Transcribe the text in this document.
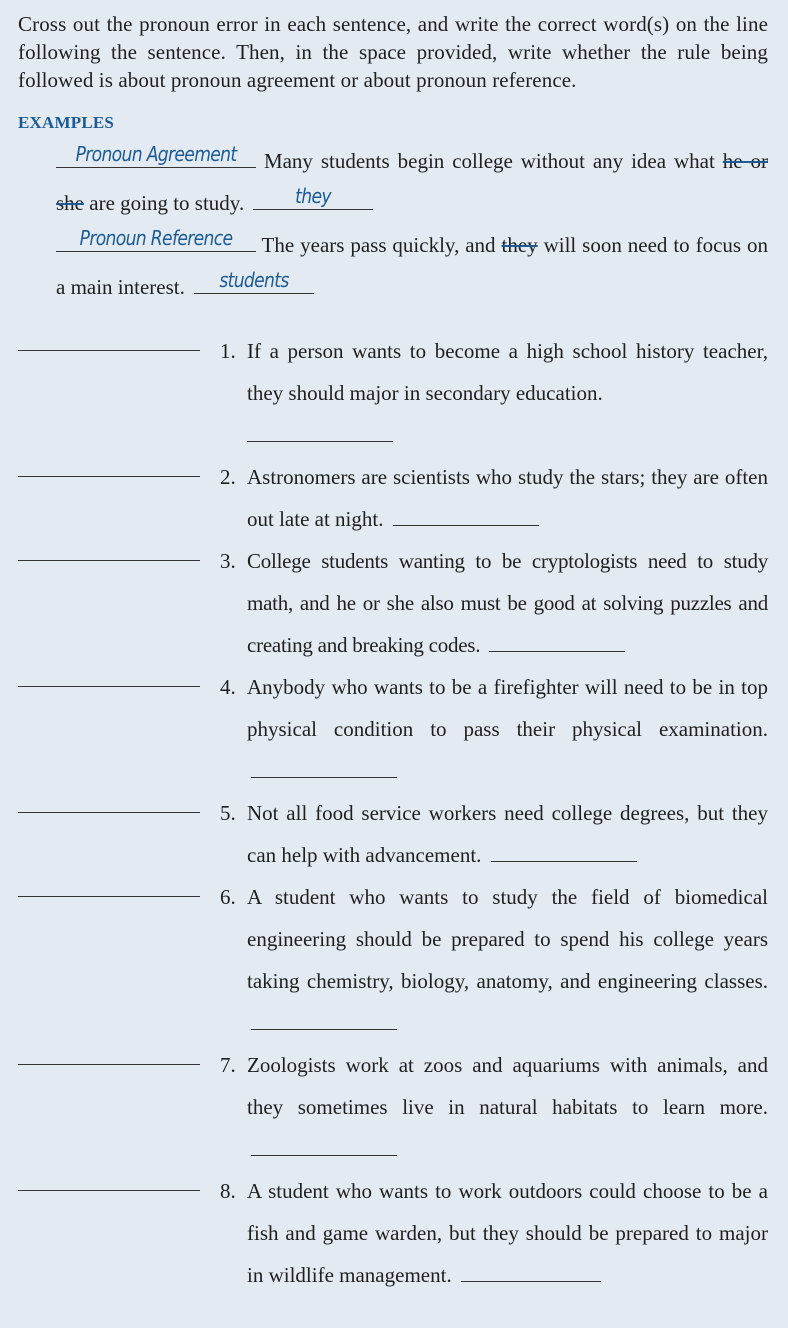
Cross out the pronoun error in each sentence, and write the correct word(s) on the line following the sentence. Then, in the space provided, write whether the rule being followed is about pronoun agreement or about pronoun reference.

EXAMPLES
Pronoun Agreement Many students begin college without any idea what he or she are going to study.	they
Pronoun Reference	The years pass quickly, and they will soon need to focus on a main interest.	students
1. If a person wants to become a high school history teacher, they should major in secondary education.

2. Astronomers are scientists who study the stars; they are often out late at night.
3. College students wanting to be cryptologists need to study math, and he or she also must be good at solving puzzles and creating and breaking codes.
4. Anybody who wants to be a firefighter will need to be in top physical condition to pass their physical examination.
5. Not all food service workers need college degrees, but they can help with advancement.
6. A student who wants to study the field of biomedical engineering should be prepared to spend his college years taking chemistry, biology, anatomy, and engineering classes.
7. Zoologists work at zoos and aquariums with animals, and they sometimes live in natural habitats to learn more.
8. A student who wants to work outdoors could choose to be a fish and game warden, but they should be prepared to major in wildlife management.
